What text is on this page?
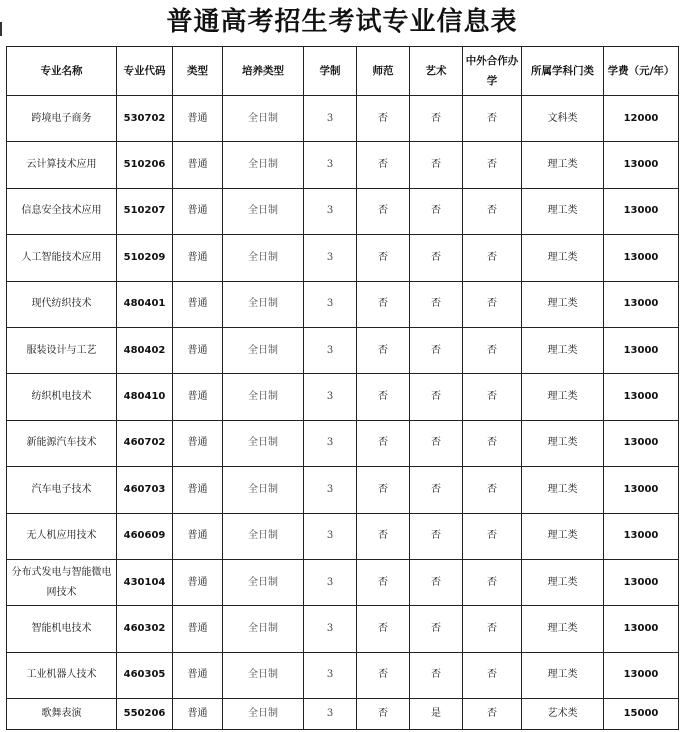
普通高考招生考试专业信息表
专业名称	专业代码	类型	培养类型	学制	师范	艺术	中外合作办学	所属学科门类	学费（元/年）
跨境电子商务	530702	普通	全日制	3	否	否	否	文科类	12000
云计算技术应用	510206	普通	全日制	3	否	否	否	理工类	13000
信息安全技术应用	510207	普通	全日制	3	否	否	否	理工类	13000
人工智能技术应用	510209	普通	全日制	3	否	否	否	理工类	13000
现代纺织技术	480401	普通	全日制	3	否	否	否	理工类	13000
服装设计与工艺	480402	普通	全日制	3	否	否	否	理工类	13000
纺织机电技术	480410	普通	全日制	3	否	否	否	理工类	13000
新能源汽车技术	460702	普通	全日制	3	否	否	否	理工类	13000
汽车电子技术	460703	普通	全日制	3	否	否	否	理工类	13000
无人机应用技术	460609	普通	全日制	3	否	否	否	理工类	13000
分布式发电与智能微电网技术	430104	普通	全日制	3	否	否	否	理工类	13000
智能机电技术	460302	普通	全日制	3	否	否	否	理工类	13000
工业机器人技术	460305	普通	全日制	3	否	否	否	理工类	13000
歌舞表演	550206	普通	全日制	3	否	是	否	艺术类	15000
